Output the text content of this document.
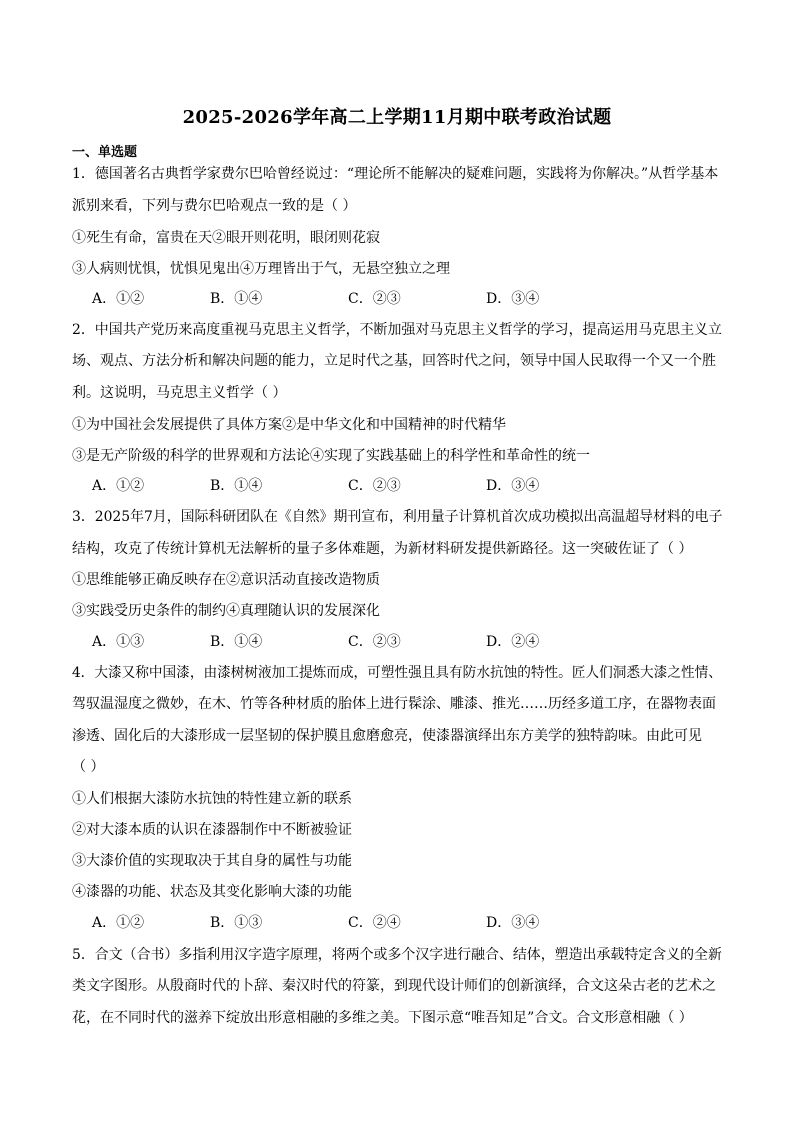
2025-2026学年高二上学期11月期中联考政治试题
一、单选题
1．德国著名古典哲学家费尔巴哈曾经说过：“理论所不能解决的疑难问题，实践将为你解决。”从哲学基本
派别来看，下列与费尔巴哈观点一致的是（ ）
①死生有命，富贵在天②眼开则花明，眼闭则花寂
③人病则忧惧，忧惧见鬼出④万理皆出于气，无悬空独立之理
A．①②	B．①④	C．②③	D．③④
2．中国共产党历来高度重视马克思主义哲学，不断加强对马克思主义哲学的学习，提高运用马克思主义立
场、观点、方法分析和解决问题的能力，立足时代之基，回答时代之问，领导中国人民取得一个又一个胜
利。这说明，马克思主义哲学（ ）
①为中国社会发展提供了具体方案②是中华文化和中国精神的时代精华
③是无产阶级的科学的世界观和方法论④实现了实践基础上的科学性和革命性的统一
A．①②	B．①④	C．②③	D．③④
3．2025年7月，国际科研团队在《自然》期刊宣布，利用量子计算机首次成功模拟出高温超导材料的电子
结构，攻克了传统计算机无法解析的量子多体难题，为新材料研发提供新路径。这一突破佐证了（ ）
①思维能够正确反映存在②意识活动直接改造物质
③实践受历史条件的制约④真理随认识的发展深化
A．①③	B．①④	C．②③	D．②④
4．大漆又称中国漆，由漆树树液加工提炼而成，可塑性强且具有防水抗蚀的特性。匠人们洞悉大漆之性情、
驾驭温湿度之微妙，在木、竹等各种材质的胎体上进行髹涂、雕漆、推光……历经多道工序，在器物表面
渗透、固化后的大漆形成一层坚韧的保护膜且愈磨愈亮，使漆器演绎出东方美学的独特韵味。由此可见
（ ）
①人们根据大漆防水抗蚀的特性建立新的联系
②对大漆本质的认识在漆器制作中不断被验证
③大漆价值的实现取决于其自身的属性与功能
④漆器的功能、状态及其变化影响大漆的功能
A．①②	B．①③	C．②④	D．③④
5．合文（合书）多指利用汉字造字原理，将两个或多个汉字进行融合、结体，塑造出承载特定含义的全新
类文字图形。从殷商时代的卜辞、秦汉时代的符篆，到现代设计师们的创新演绎，合文这朵古老的艺术之
花，在不同时代的滋养下绽放出形意相融的多维之美。下图示意“唯吾知足”合文。合文形意相融（ ）
